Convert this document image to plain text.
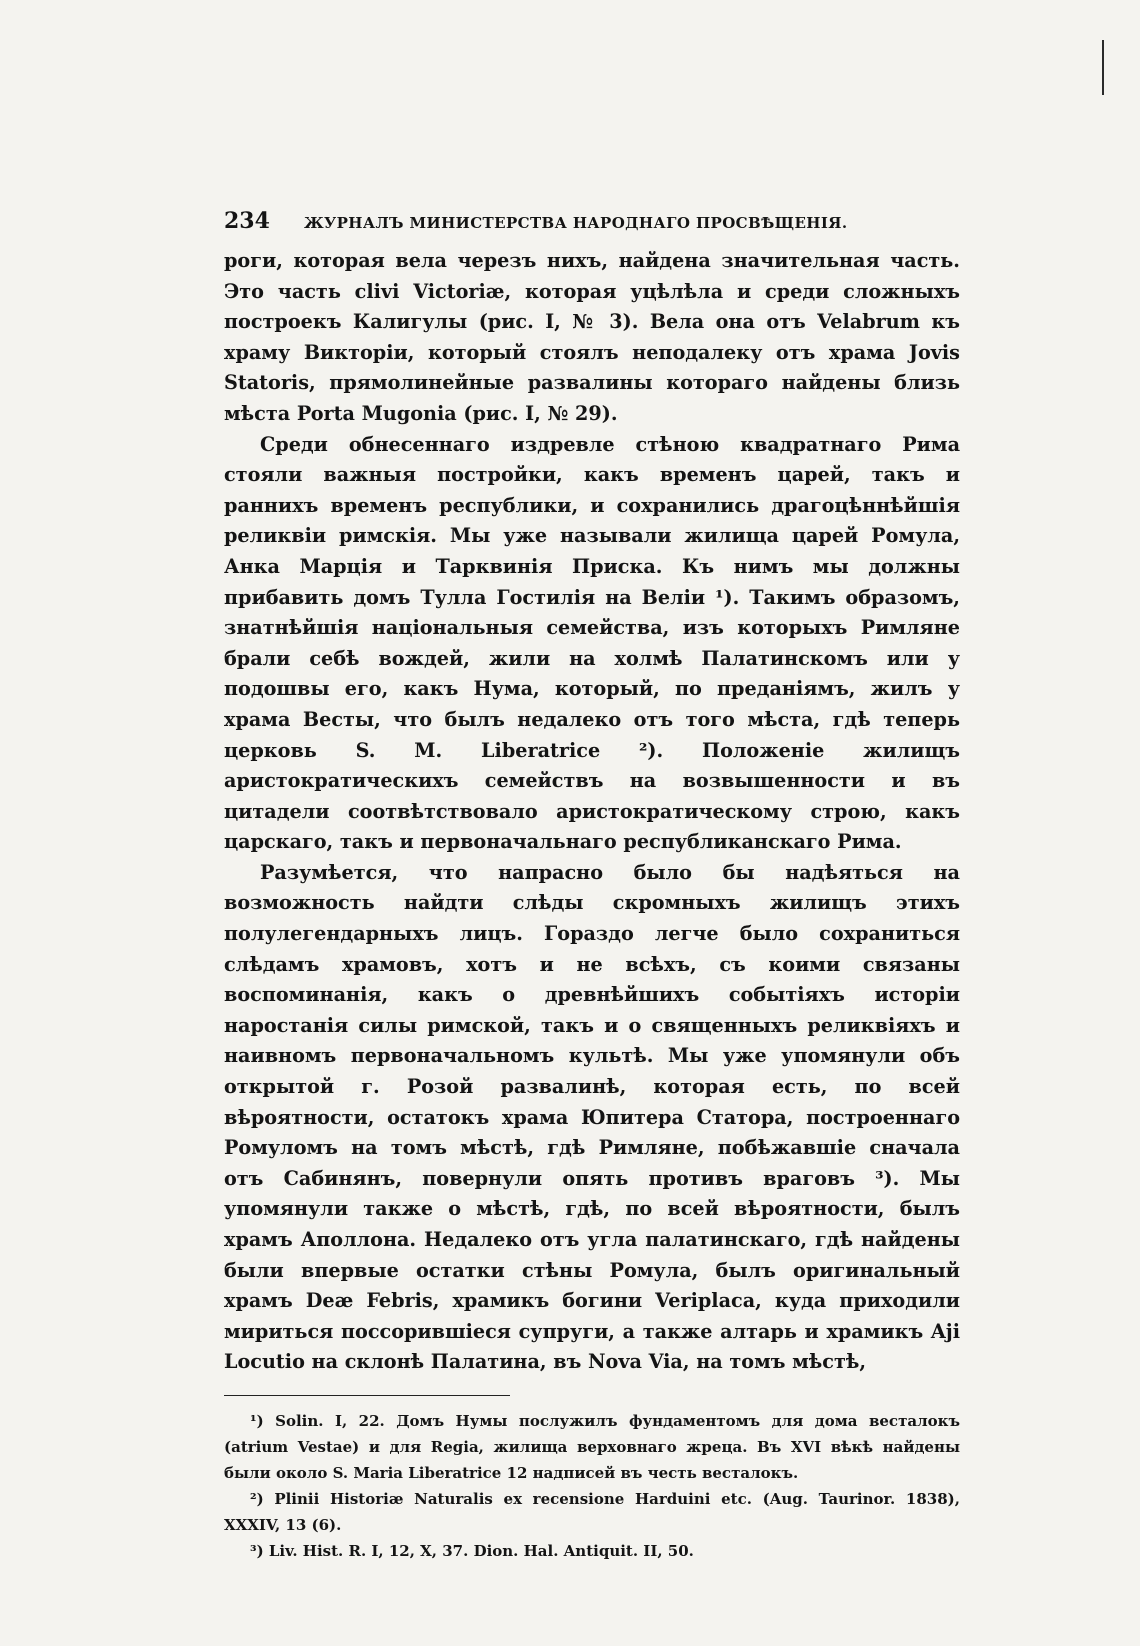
234 ЖУРНАЛЪ МИНИСТЕРСТВА НАРОДНАГО ПРОСВѢЩЕНІЯ.

роги, которая вела черезъ нихъ, найдена значительная часть. Это часть clivi Victoriæ, которая уцѣлѣла и среди сложныхъ построекъ Калигулы (рис. I, № 3). Вела она отъ Velabrum къ храму Викторіи, который стоялъ неподалеку отъ храма Jovis Statoris, прямолинейные развалины котораго найдены близь мѣста Porta Mugonia (рис. I, № 29).

Среди обнесеннаго издревле стѣною квадратнаго Рима стояли важныя постройки, какъ временъ царей, такъ и раннихъ временъ республики, и сохранились драгоцѣннѣйшія реликвіи римскія. Мы уже называли жилища царей Ромула, Анка Марція и Тарквинія Приска. Къ нимъ мы должны прибавить домъ Тулла Гостилія на Веліи ¹). Такимъ образомъ, знатнѣйшія національныя семейства, изъ которыхъ Римляне брали себѣ вождей, жили на холмѣ Палатинскомъ или у подошвы его, какъ Нума, который, по преданіямъ, жилъ у храма Весты, что былъ недалеко отъ того мѣста, гдѣ теперь церковь S. M. Liberatrice ²). Положеніе жилищъ аристократическихъ семействъ на возвышенности и въ цитадели соотвѣтствовало аристократическому строю, какъ царскаго, такъ и первоначальнаго республиканскаго Рима.

Разумѣется, что напрасно было бы надѣяться на возможность найдти слѣды скромныхъ жилищъ этихъ полулегендарныхъ лицъ. Гораздо легче было сохраниться слѣдамъ храмовъ, хотъ и не всѣхъ, съ коими связаны воспоминанія, какъ о древнѣйшихъ событіяхъ исторіи наростанія силы римской, такъ и о священныхъ реликвіяхъ и наивномъ первоначальномъ культѣ. Мы уже упомянули объ открытой г. Розой развалинѣ, которая есть, по всей вѣроятности, остатокъ храма Юпитера Статора, построеннаго Ромуломъ на томъ мѣстѣ, гдѣ Римляне, побѣжавшіе сначала отъ Сабинянъ, повернули опять противъ враговъ ³). Мы упомянули также о мѣстѣ, гдѣ, по всей вѣроятности, былъ храмъ Аполлона. Недалеко отъ угла палатинскаго, гдѣ найдены были впервые остатки стѣны Ромула, былъ оригинальный храмъ Deæ Febris, храмикъ богини Veriplaca, куда приходили мириться поссорившіеся супруги, а также алтарь и храмикъ Aji Locutio на склонѣ Палатина, въ Nova Via, на томъ мѣстѣ,

¹) Solin. I, 22. Домъ Нумы послужилъ фундаментомъ для дома весталокъ (atrium Vestae) и для Regia, жилища верховнаго жреца. Въ XVI вѣкѣ найдены были около S. Maria Liberatrice 12 надписей въ честь весталокъ.

²) Plinii Historiæ Naturalis ex recensione Harduini etc. (Aug. Taurinor. 1838), XXXIV, 13 (6).

³) Liv. Hist. R. I, 12, X, 37. Dion. Hal. Antiquit. II, 50.
